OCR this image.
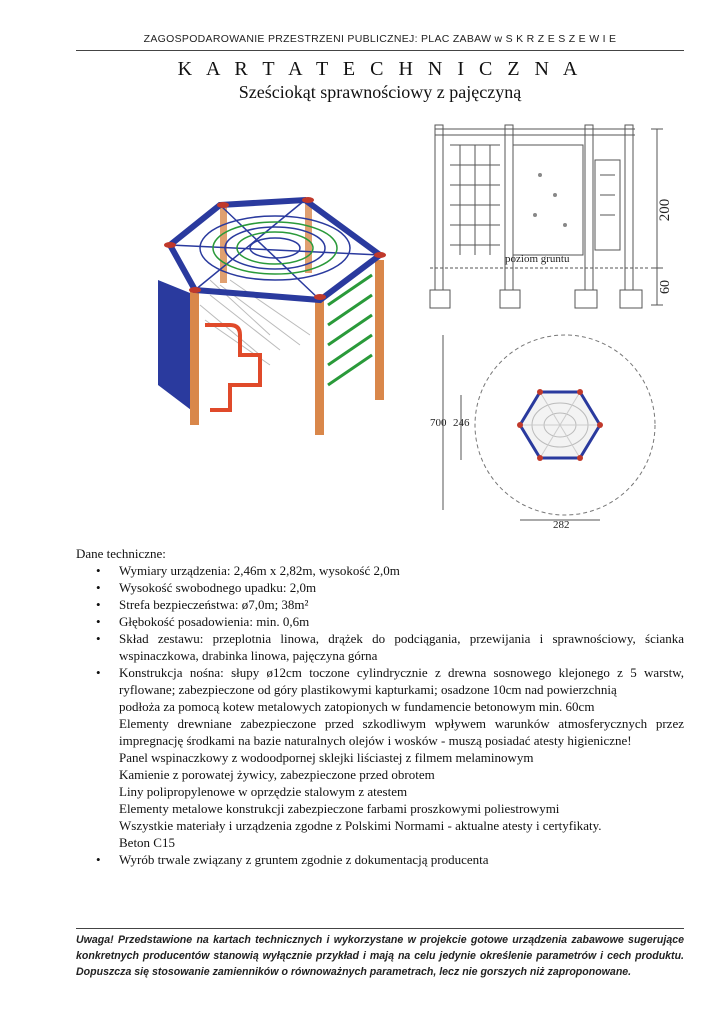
ZAGOSPODAROWANIE PRZESTRZENI PUBLICZNEJ: PLAC ZABAW w S K R Z E S Z E W I E
K A R T A T E C H N I C Z N A
Sześciokąt sprawnościowy z pajęczyną
poziom gruntu
200
60
700 246
282
Dane techniczne:
• Wymiary urządzenia: 2,46m x 2,82m, wysokość 2,0m
• Wysokość swobodnego upadku: 2,0m
• Strefa bezpieczeństwa: ø7,0m; 38m²
• Głębokość posadowienia: min. 0,6m
• Skład zestawu: przeplotnia linowa, drążek do podciągania, przewijania i sprawnościowy, ścianka wspinaczkowa, drabinka linowa, pajęczyna górna
• Konstrukcja nośna: słupy ø12cm toczone cylindrycznie z drewna sosnowego klejonego z 5 warstw, ryflowane; zabezpieczone od góry plastikowymi kapturkami; osadzone 10cm nad powierzchnią
podłoża za pomocą kotew metalowych zatopionych w fundamencie betonowym min. 60cm
Elementy drewniane zabezpieczone przed szkodliwym wpływem warunków atmosferycznych przez impregnację środkami na bazie naturalnych olejów i wosków - muszą posiadać atesty higieniczne!
Panel wspinaczkowy z wodoodpornej sklejki liściastej z filmem melaminowym
Kamienie z porowatej żywicy, zabezpieczone przed obrotem
Liny polipropylenowe w oprzędzie stalowym z atestem
Elementy metalowe konstrukcji zabezpieczone farbami proszkowymi poliestrowymi
Wszystkie materiały i urządzenia zgodne z Polskimi Normami - aktualne atesty i certyfikaty.
Beton C15
• Wyrób trwale związany z gruntem zgodnie z dokumentacją producenta
Uwaga! Przedstawione na kartach technicznych i wykorzystane w projekcie gotowe urządzenia zabawowe sugerujące konkretnych producentów stanowią wyłącznie przykład i mają na celu jedynie określenie parametrów i cech produktu. Dopuszcza się stosowanie zamienników o równoważnych parametrach, lecz nie gorszych niż zaproponowane.
